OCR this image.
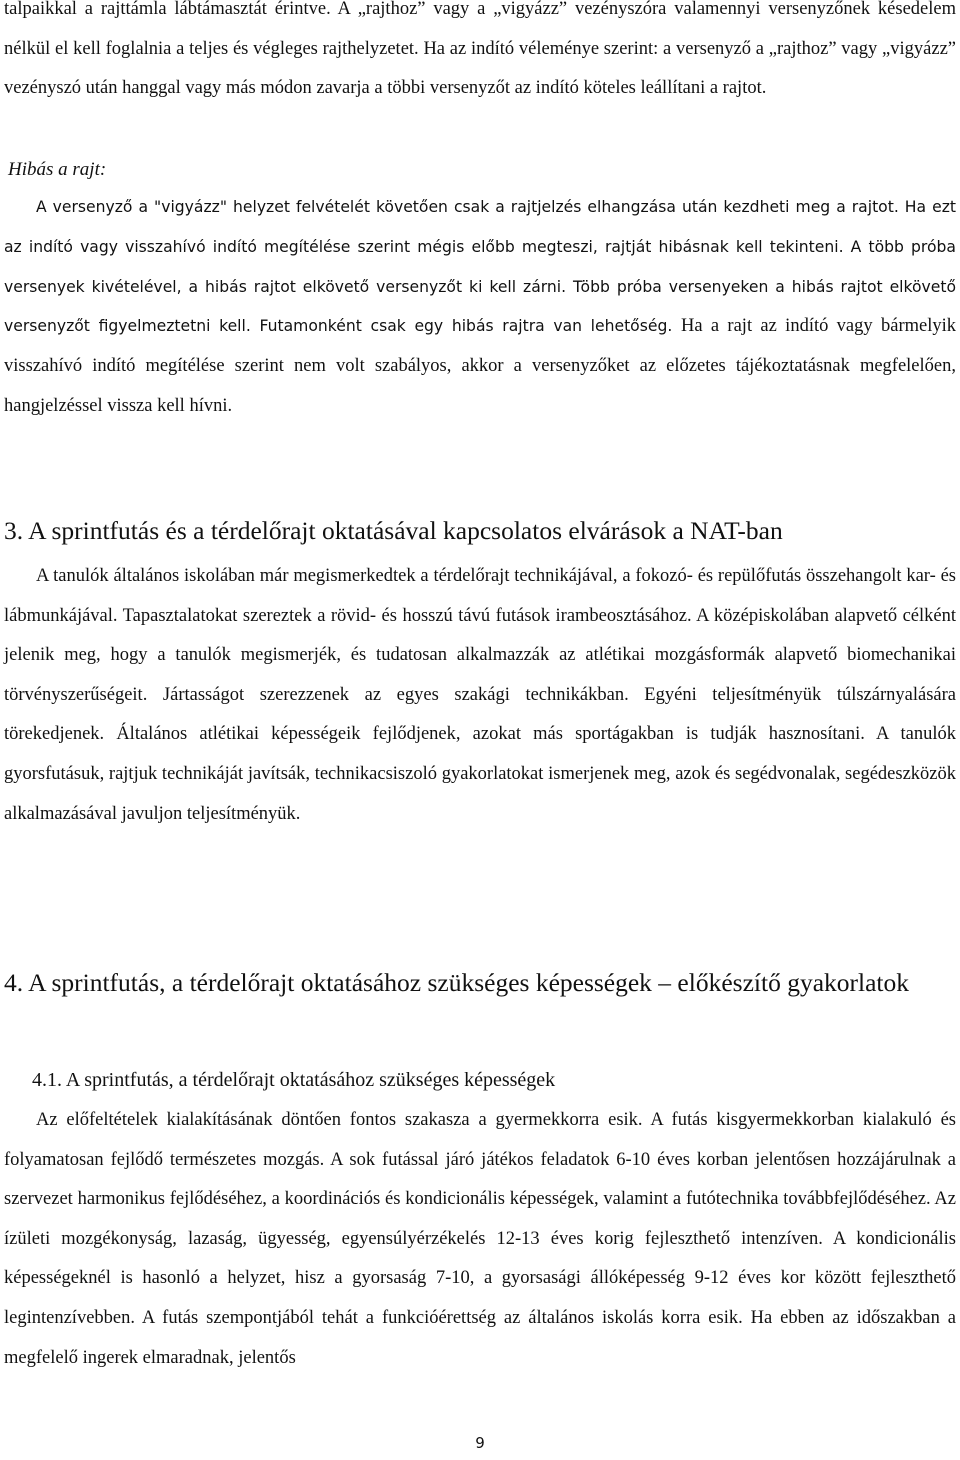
talpaikkal a rajttámla lábtámasztát érintve. A „rajthoz” vagy a „vigyázz” vezényszóra valamennyi versenyzőnek késedelem nélkül el kell foglalnia a teljes és végleges rajthelyzetet. Ha az indító véleménye szerint: a versenyző a „rajthoz” vagy „vigyázz” vezényszó után hanggal vagy más módon zavarja a többi versenyzőt az indító köteles leállítani a rajtot.

Hibás a rajt:

A versenyző a "vigyázz" helyzet felvételét követően csak a rajtjelzés elhangzása után kezdheti meg a rajtot. Ha ezt az indító vagy visszahívó indító megítélése szerint mégis előbb megteszi, rajtját hibásnak kell tekinteni. A több próba versenyek kivételével, a hibás rajtot elkövető versenyzőt ki kell zárni. Több próba versenyeken a hibás rajtot elkövető versenyzőt figyelmeztetni kell. Futamonként csak egy hibás rajtra van lehetőség. Ha a rajt az indító vagy bármelyik visszahívó indító megítélése szerint nem volt szabályos, akkor a versenyzőket az előzetes tájékoztatásnak megfelelően, hangjelzéssel vissza kell hívni.

3. A sprintfutás és a térdelőrajt oktatásával kapcsolatos elvárások a NAT-ban

A tanulók általános iskolában már megismerkedtek a térdelőrajt technikájával, a fokozó- és repülőfutás összehangolt kar- és lábmunkájával. Tapasztalatokat szereztek a rövid- és hosszú távú futások irambeosztásához. A középiskolában alapvető célként jelenik meg, hogy a tanulók megismerjék, és tudatosan alkalmazzák az atlétikai mozgásformák alapvető biomechanikai törvényszerűségeit. Jártasságot szerezzenek az egyes szakági technikákban. Egyéni teljesítményük túlszárnyalására törekedjenek. Általános atlétikai képességeik fejlődjenek, azokat más sportágakban is tudják hasznosítani. A tanulók gyorsfutásuk, rajtjuk technikáját javítsák, technikacsiszoló gyakorlatokat ismerjenek meg, azok és segédvonalak, segédeszközök alkalmazásával javuljon teljesítményük.

4. A sprintfutás, a térdelőrajt oktatásához szükséges képességek – előkészítő gyakorlatok
4.1. A sprintfutás, a térdelőrajt oktatásához szükséges képességek

Az előfeltételek kialakításának döntően fontos szakasza a gyermekkorra esik. A futás kisgyermekkorban kialakuló és folyamatosan fejlődő természetes mozgás. A sok futással járó játékos feladatok 6-10 éves korban jelentősen hozzájárulnak a szervezet harmonikus fejlődéséhez, a koordinációs és kondicionális képességek, valamint a futótechnika továbbfejlődéséhez. Az ízületi mozgékonyság, lazaság, ügyesség, egyensúlyérzékelés 12-13 éves korig fejleszthető intenzíven. A kondicionális képességeknél is hasonló a helyzet, hisz a gyorsaság 7-10, a gyorsasági állóképesség 9-12 éves kor között fejleszthető legintenzívebben. A futás szempontjából tehát a funkcióérettség az általános iskolás korra esik. Ha ebben az időszakban a megfelelő ingerek elmaradnak, jelentős

9
